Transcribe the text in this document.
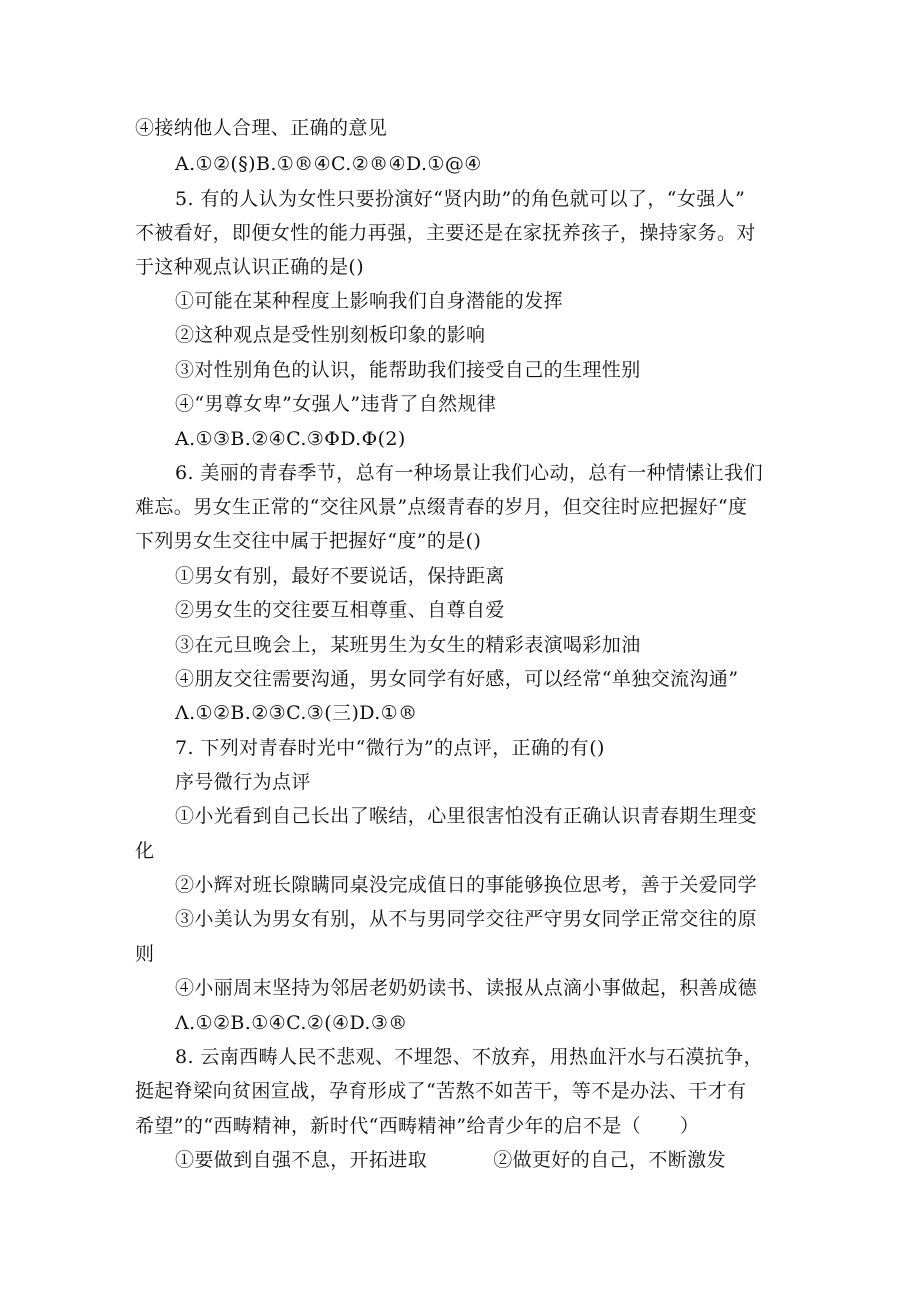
④接纳他人合理、正确的意见
A.①②(§)B.①®④C.②®④D.①@④
5. 有的人认为女性只要扮演好“贤内助”的角色就可以了，“女强人”
不被看好，即便女性的能力再强，主要还是在家抚养孩子，操持家务。对
于这种观点认识正确的是()
①可能在某种程度上影响我们自身潜能的发挥
②这种观点是受性别刻板印象的影响
③对性别角色的认识，能帮助我们接受自己的生理性别
④“男尊女卑”女强人”违背了自然规律
A.①③B.②④C.③ΦD.Φ(2)
6. 美丽的青春季节，总有一种场景让我们心动，总有一种情愫让我们
难忘。男女生正常的“交往风景”点缀青春的岁月，但交往时应把握好“度
下列男女生交往中属于把握好“度”的是()
①男女有别，最好不要说话，保持距离
②男女生的交往要互相尊重、自尊自爱
③在元旦晚会上，某班男生为女生的精彩表演喝彩加油
④朋友交往需要沟通，男女同学有好感，可以经常“单独交流沟通”
Λ.①②B.②③C.③(三)D.①®
7. 下列对青春时光中“微行为”的点评，正确的有()
序号微行为点评
①小光看到自己长出了喉结，心里很害怕没有正确认识青春期生理变
化
②小辉对班长隙瞒同桌没完成值日的事能够换位思考，善于关爱同学
③小美认为男女有别，从不与男同学交往严守男女同学正常交往的原
则
④小丽周末坚持为邻居老奶奶读书、读报从点滴小事做起，积善成德
Λ.①②B.①④C.②(④D.③®
8. 云南西畴人民不悲观、不埋怨、不放弃，用热血汗水与石漠抗争，
挺起脊梁向贫困宣战，孕育形成了“苦熬不如苦干，等不是办法、干才有
希望”的“西畴精神，新时代“西畴精神”给青少年的启不是（　　）
①要做到自强不息，开拓进取	②做更好的自己，不断激发
